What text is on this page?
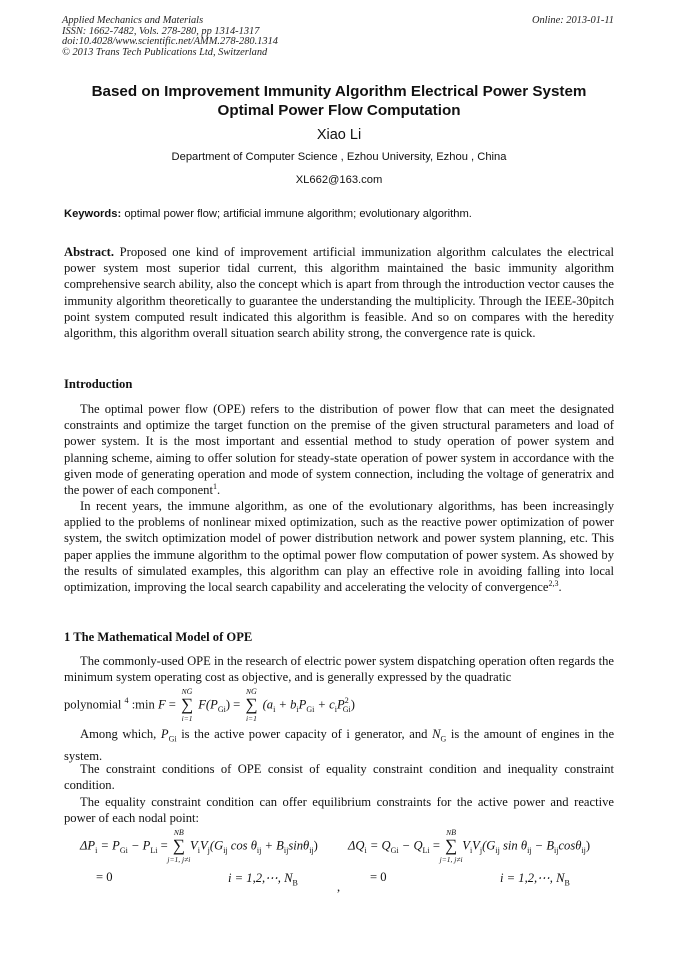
Applied Mechanics and Materials
ISSN: 1662-7482, Vols. 278-280, pp 1314-1317
doi:10.4028/www.scientific.net/AMM.278-280.1314
© 2013 Trans Tech Publications Ltd, Switzerland
Online: 2013-01-11
Based on Improvement Immunity Algorithm Electrical Power System
Optimal Power Flow Computation
Xiao Li
Department of Computer Science , Ezhou University, Ezhou , China
XL662@163.com
Keywords: optimal power flow; artificial immune algorithm; evolutionary algorithm.
Abstract. Proposed one kind of improvement artificial immunization algorithm calculates the electrical power system most superior tidal current, this algorithm maintained the basic immunity algorithm comprehensive search ability, also the concept which is apart from through the introduction vector causes the immunity algorithm theoretically to guarantee the understanding the multiplicity. Through the IEEE-30pitch point system computed result indicated this algorithm is feasible. And so on compares with the heredity algorithm, this algorithm overall situation search ability strong, the convergence rate is quick.
Introduction
The optimal power flow (OPE) refers to the distribution of power flow that can meet the designated constraints and optimize the target function on the premise of the given structural parameters and load of power system. It is the most important and essential method to study operation of power system and planning scheme, aiming to offer solution for steady-state operation of power system in accordance with the given mode of generating operation and mode of system connection, including the voltage of generatrix and the power of each component$^1$.
In recent years, the immune algorithm, as one of the evolutionary algorithms, has been increasingly applied to the problems of nonlinear mixed optimization, such as the reactive power optimization of power system, the switch optimization model of power distribution network and power system planning, etc. This paper applies the immune algorithm to the optimal power flow computation of power system. As showed by the results of simulated examples, this algorithm can play an effective role in avoiding falling into local optimization, improving the local search capability and accelerating the velocity of convergence$^{2,3}$.
1 The Mathematical Model of OPE
The commonly-used OPE in the research of electric power system dispatching operation often regards the minimum system operating cost as objective, and is generally expressed by the quadratic
polynomial $^4$ :min F =
NG
∑
i=1
$F(P_{Gi})$ =
NG
∑
i=1
$(a_i + b_iP_{Gi} + c_iP^2_{Gi})$
Among which, $P_{Gi}$ is the active power capacity of i generator, and $N_G$ is the amount of engines in the system.
The constraint conditions of OPE consist of equality constraint condition and inequality constraint condition.
The equality constraint condition can offer equilibrium constraints for the active power and reactive power of each nodal point:
$\Delta P_i = P_{Gi} - P_{Li}$ =
NB
∑
j=1, j≠i
$V_iV_j(G_{ij}$ $\cos \theta_{ij} + B_{ij}\sin\theta_{ij}$)
= 0	i = 1,2,⋯, $N_B$	,
$\Delta Q_i = Q_{Gi} - Q_{Li}$ =
NB
∑
j=1, j≠i
$V_iV_j(G_{ij}$ $\sin \theta_{ij} - B_{ij}\cos\theta_{ij}$)
= 0	i = 1,2,⋯, $N_B$
